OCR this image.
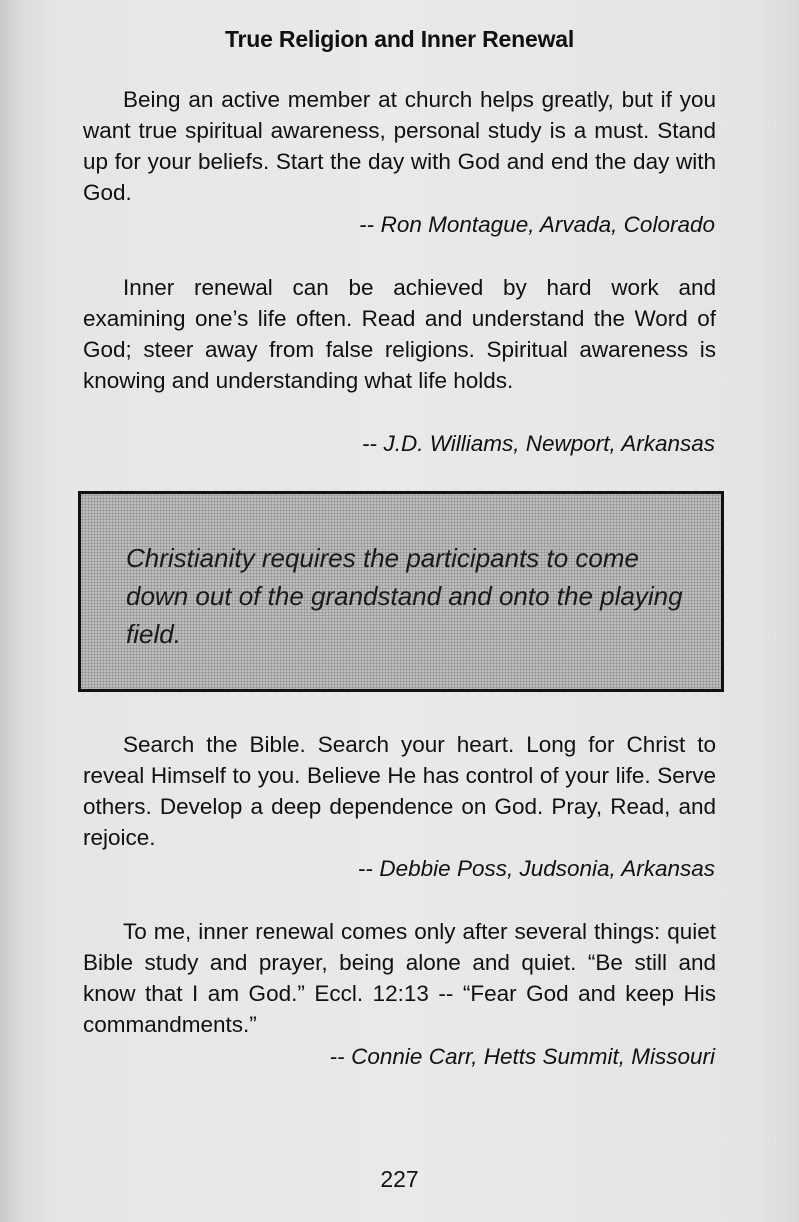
True Religion and Inner Renewal

Being an active member at church helps greatly, but if you want true spiritual awareness, personal study is a must. Stand up for your beliefs. Start the day with God and end the day with God.

-- Ron Montague, Arvada, Colorado

Inner renewal can be achieved by hard work and examining one’s life often. Read and understand the Word of God; steer away from false religions. Spiritual awareness is knowing and understanding what life holds.

-- J.D. Williams, Newport, Arkansas
Christianity requires the participants to come down out of the grandstand and onto the playing field.

Search the Bible. Search your heart. Long for Christ to reveal Himself to you. Believe He has control of your life. Serve others. Develop a deep dependence on God. Pray, Read, and rejoice.

-- Debbie Poss, Judsonia, Arkansas

To me, inner renewal comes only after several things: quiet Bible study and prayer, being alone and quiet. “Be still and know that I am God.” Eccl. 12:13 -- “Fear God and keep His commandments.”

-- Connie Carr, Hetts Summit, Missouri
227
